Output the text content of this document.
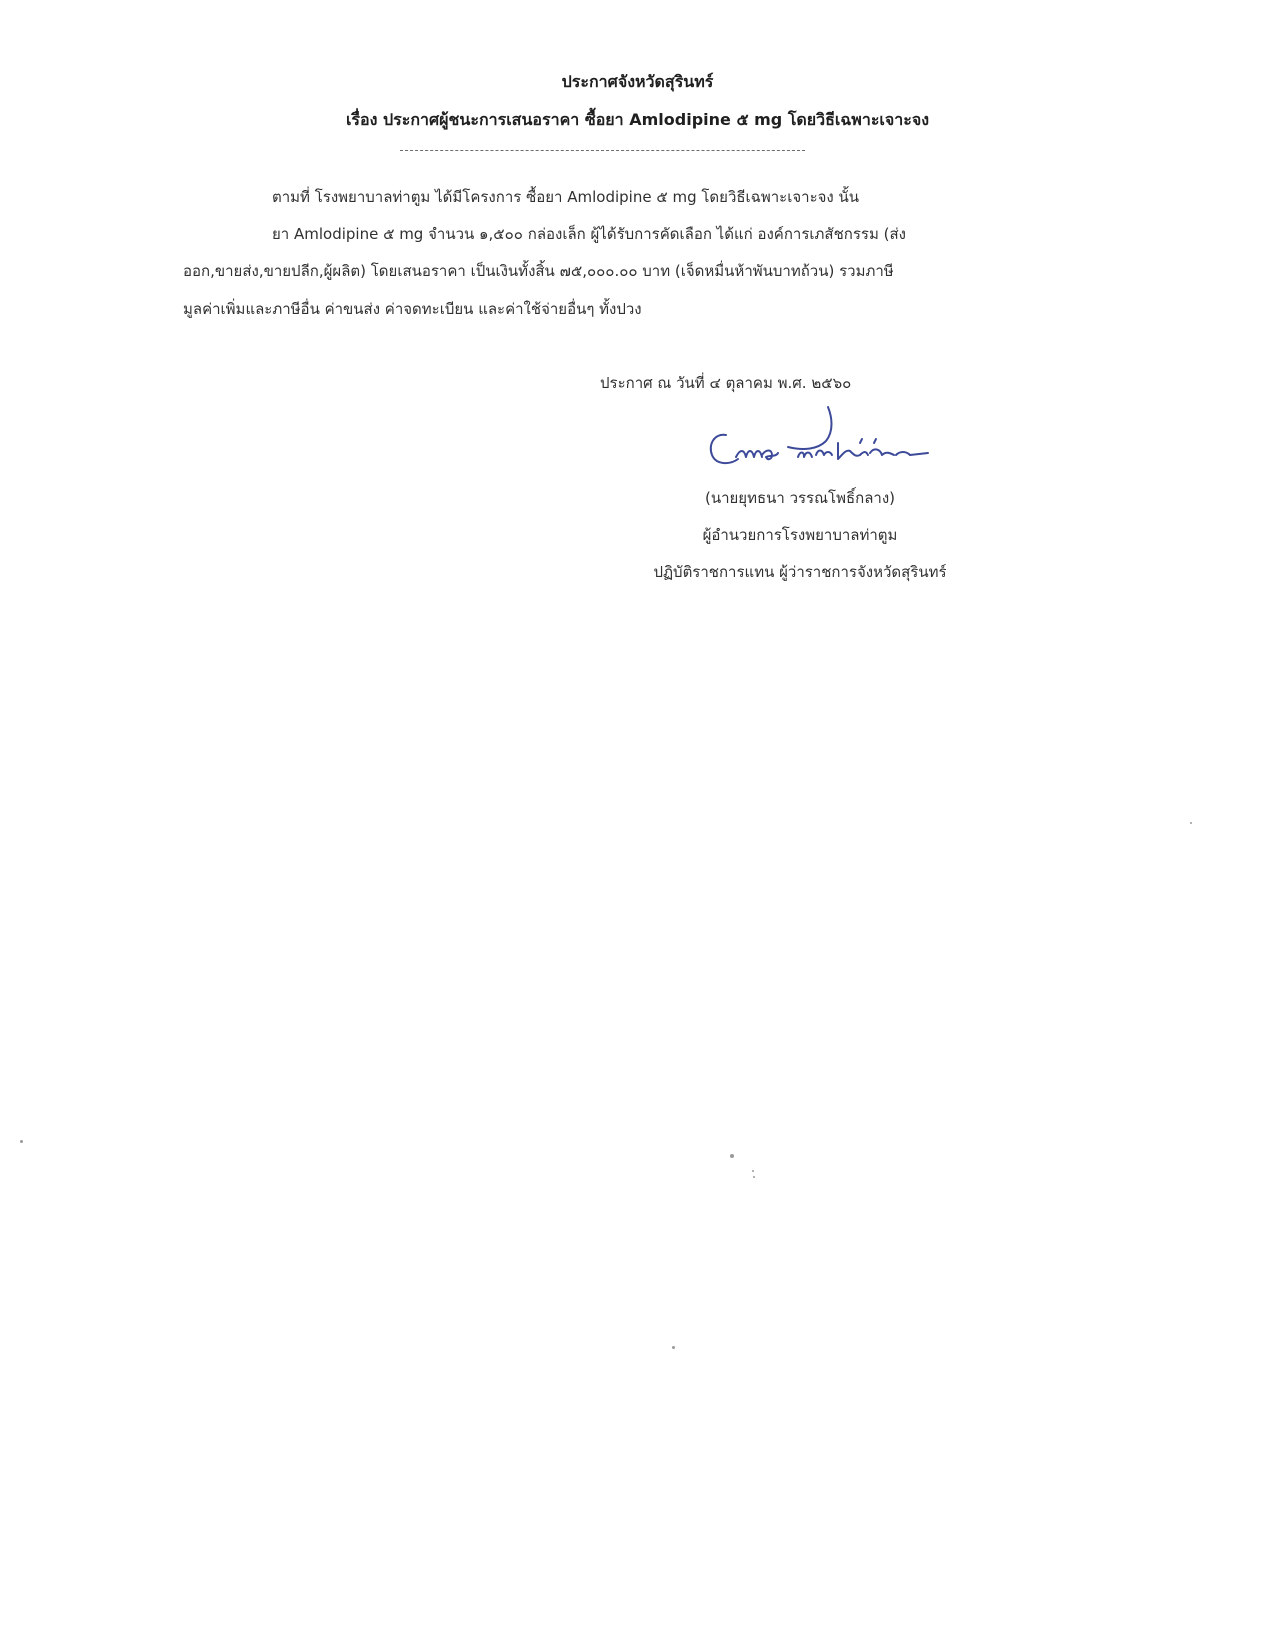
ประกาศจังหวัดสุรินทร์
เรื่อง ประกาศผู้ชนะการเสนอราคา ซื้อยา Amlodipine ๕ mg โดยวิธีเฉพาะเจาะจง
ตามที่ โรงพยาบาลท่าตูม ได้มีโครงการ ซื้อยา Amlodipine ๕ mg โดยวิธีเฉพาะเจาะจง นั้น
ยา Amlodipine ๕ mg จำนวน ๑,๕๐๐ กล่องเล็ก ผู้ได้รับการคัดเลือก ได้แก่ องค์การเภสัชกรรม (ส่ง
ออก,ขายส่ง,ขายปลีก,ผู้ผลิต) โดยเสนอราคา เป็นเงินทั้งสิ้น ๗๕,๐๐๐.๐๐ บาท (เจ็ดหมื่นห้าพันบาทถ้วน) รวมภาษี
มูลค่าเพิ่มและภาษีอื่น ค่าขนส่ง ค่าจดทะเบียน และค่าใช้จ่ายอื่นๆ ทั้งปวง
ประกาศ ณ วันที่ ๔ ตุลาคม พ.ศ. ๒๕๖๐
(นายยุทธนา วรรณโพธิ์กลาง)
ผู้อำนวยการโรงพยาบาลท่าตูม
ปฏิบัติราชการแทน ผู้ว่าราชการจังหวัดสุรินทร์
